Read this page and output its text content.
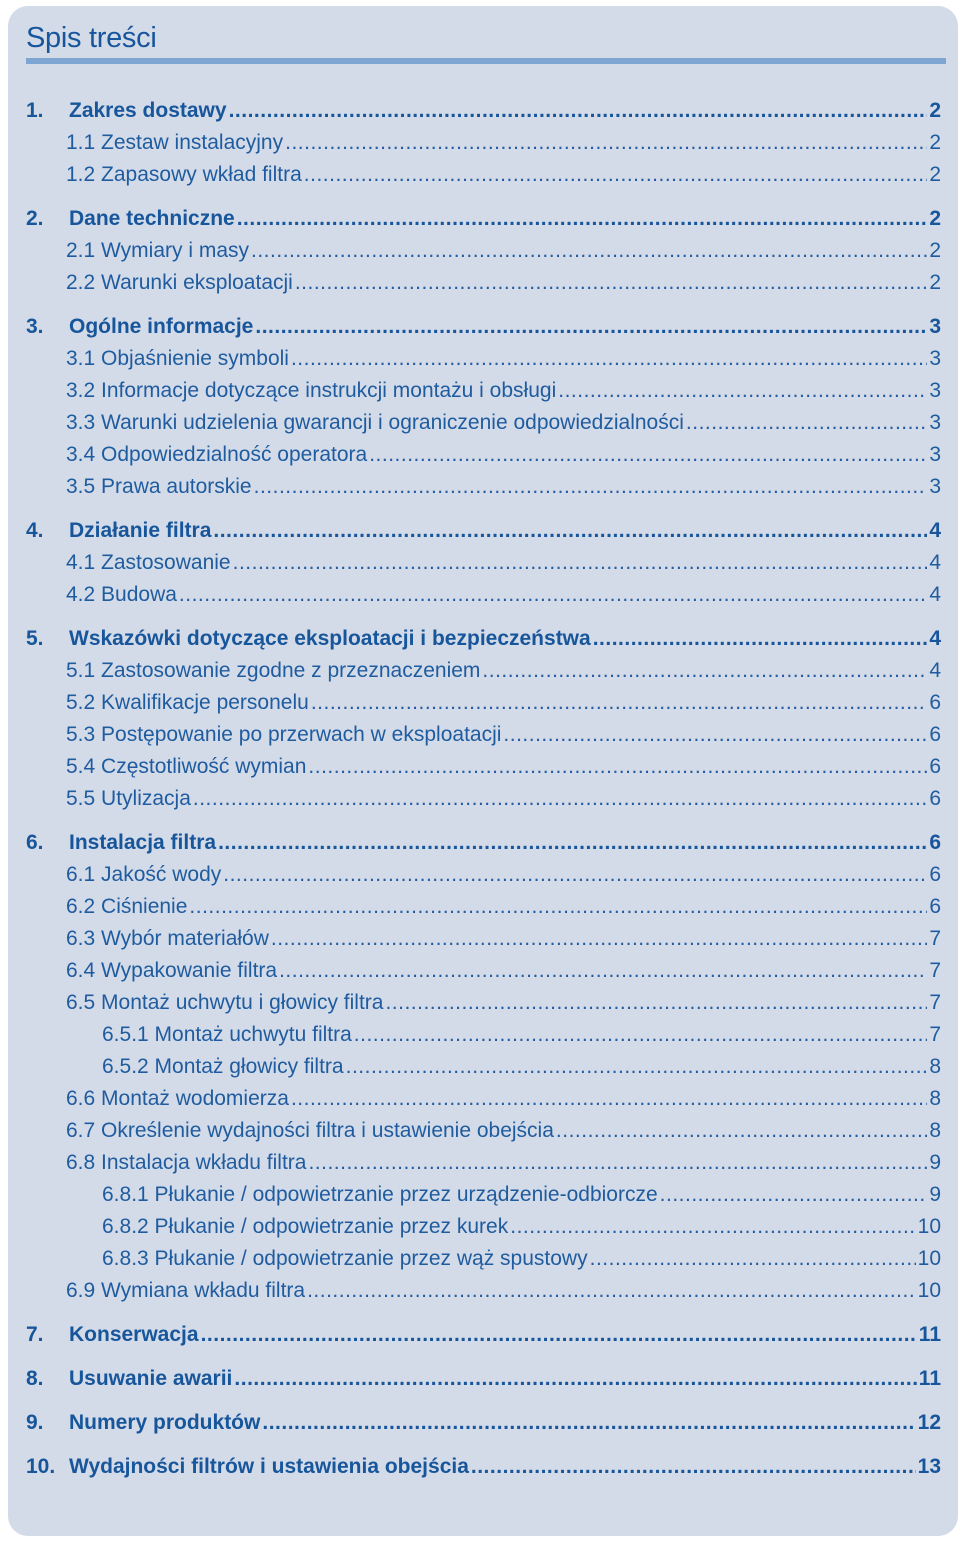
Spis treści
1. Zakres dostawy .....	2
1.1 Zestaw instalacyjny .....	2
1.2 Zapasowy wkład filtra .....	2
2. Dane techniczne .....	2
2.1 Wymiary i masy .....	2
2.2 Warunki eksploatacji .....	2
3. Ogólne informacje .....	3
3.1 Objaśnienie symboli .....	3
3.2 Informacje dotyczące instrukcji montażu i obsługi .....	3
3.3 Warunki udzielenia gwarancji i ograniczenie odpowiedzialności .....	3
3.4 Odpowiedzialność operatora .....	3
3.5 Prawa autorskie .....	3
4. Działanie filtra .....	4
4.1 Zastosowanie .....	4
4.2 Budowa .....	4
5. Wskazówki dotyczące eksploatacji i bezpieczeństwa .....	4
5.1 Zastosowanie zgodne z przeznaczeniem .....	4
5.2 Kwalifikacje personelu .....	6
5.3 Postępowanie po przerwach w eksploatacji .....	6
5.4 Częstotliwość wymian .....	6
5.5 Utylizacja .....	6
6. Instalacja filtra .....	6
6.1 Jakość wody .....	6
6.2 Ciśnienie .....	6
6.3 Wybór materiałów .....	7
6.4 Wypakowanie filtra .....	7
6.5 Montaż uchwytu i głowicy filtra .....	7
6.5.1 Montaż uchwytu filtra .....	7
6.5.2 Montaż głowicy filtra .....	8
6.6 Montaż wodomierza .....	8
6.7 Określenie wydajności filtra i ustawienie obejścia .....	8
6.8 Instalacja wkładu filtra .....	9
6.8.1 Płukanie / odpowietrzanie przez urządzenie-odbiorcze .....	9
6.8.2 Płukanie / odpowietrzanie przez kurek .....	10
6.8.3 Płukanie / odpowietrzanie przez wąż spustowy .....	10
6.9 Wymiana wkładu filtra .....	10
7. Konserwacja .....	11
8. Usuwanie awarii .....	11
9. Numery produktów .....	12
10. Wydajności filtrów i ustawienia obejścia .....	13
